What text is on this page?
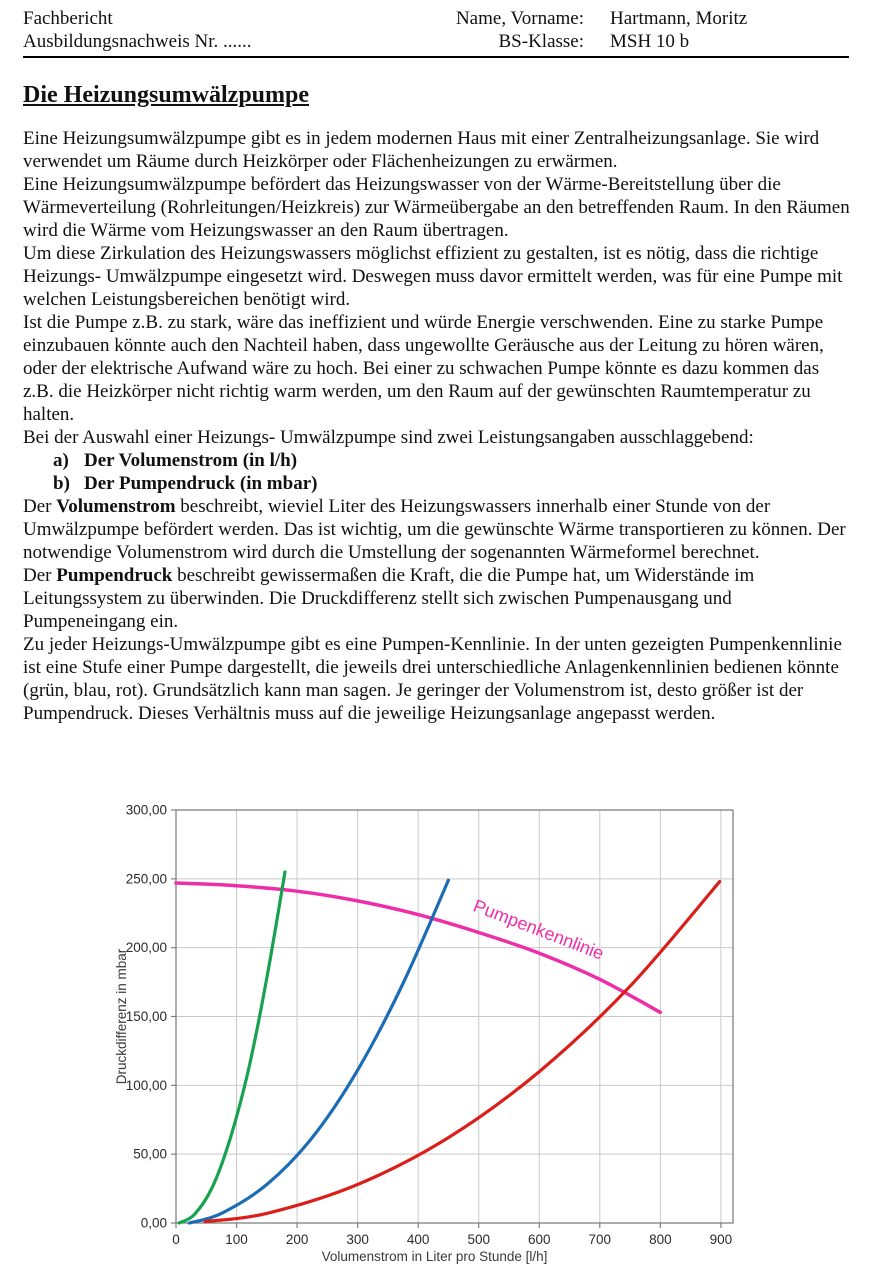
Fachbericht
Ausbildungsnachweis Nr. ......
Name, Vorname: Hartmann, Moritz
BS-Klasse: MSH 10 b
Die Heizungsumwälzpumpe

Eine Heizungsumwälzpumpe gibt es in jedem modernen Haus mit einer Zentralheizungsanlage. Sie wird verwendet um Räume durch Heizkörper oder Flächenheizungen zu erwärmen.

Eine Heizungsumwälzpumpe befördert das Heizungswasser von der Wärme-Bereitstellung über die Wärmeverteilung (Rohrleitungen/Heizkreis) zur Wärmeübergabe an den betreffenden Raum. In den Räumen wird die Wärme vom Heizungswasser an den Raum übertragen.

Um diese Zirkulation des Heizungswassers möglichst effizient zu gestalten, ist es nötig, dass die richtige Heizungs- Umwälzpumpe eingesetzt wird. Deswegen muss davor ermittelt werden, was für eine Pumpe mit welchen Leistungsbereichen benötigt wird.

Ist die Pumpe z.B. zu stark, wäre das ineffizient und würde Energie verschwenden. Eine zu starke Pumpe einzubauen könnte auch den Nachteil haben, dass ungewollte Geräusche aus der Leitung zu hören wären, oder der elektrische Aufwand wäre zu hoch. Bei einer zu schwachen Pumpe könnte es dazu kommen das z.B. die Heizkörper nicht richtig warm werden, um den Raum auf der gewünschten Raumtemperatur zu halten.

Bei der Auswahl einer Heizungs- Umwälzpumpe sind zwei Leistungsangaben ausschlaggebend:

a) Der Volumenstrom (in l/h)
b) Der Pumpendruck (in mbar)

Der Volumenstrom beschreibt, wieviel Liter des Heizungswassers innerhalb einer Stunde von der Umwälzpumpe befördert werden. Das ist wichtig, um die gewünschte Wärme transportieren zu können. Der notwendige Volumenstrom wird durch die Umstellung der sogenannten Wärmeformel berechnet.

Der Pumpendruck beschreibt gewissermaßen die Kraft, die die Pumpe hat, um Widerstände im Leitungssystem zu überwinden. Die Druckdifferenz stellt sich zwischen Pumpenausgang und Pumpeneingang ein.

Zu jeder Heizungs-Umwälzpumpe gibt es eine Pumpen-Kennlinie. In der unten gezeigten Pumpenkennlinie ist eine Stufe einer Pumpe dargestellt, die jeweils drei unterschiedliche Anlagenkennlinien bedienen könnte (grün, blau, rot). Grundsätzlich kann man sagen. Je geringer der Volumenstrom ist, desto größer ist der Pumpendruck. Dieses Verhältnis muss auf die jeweilige Heizungsanlage angepasst werden.

0	100	200	300	400	500	600	700	800	900
0,00
50,00
100,00
150,00
200,00
250,00
300,00
Volumenstrom in Liter pro Stunde [l/h]
Druckdifferenz in mbar
Pumpenkennlinie
